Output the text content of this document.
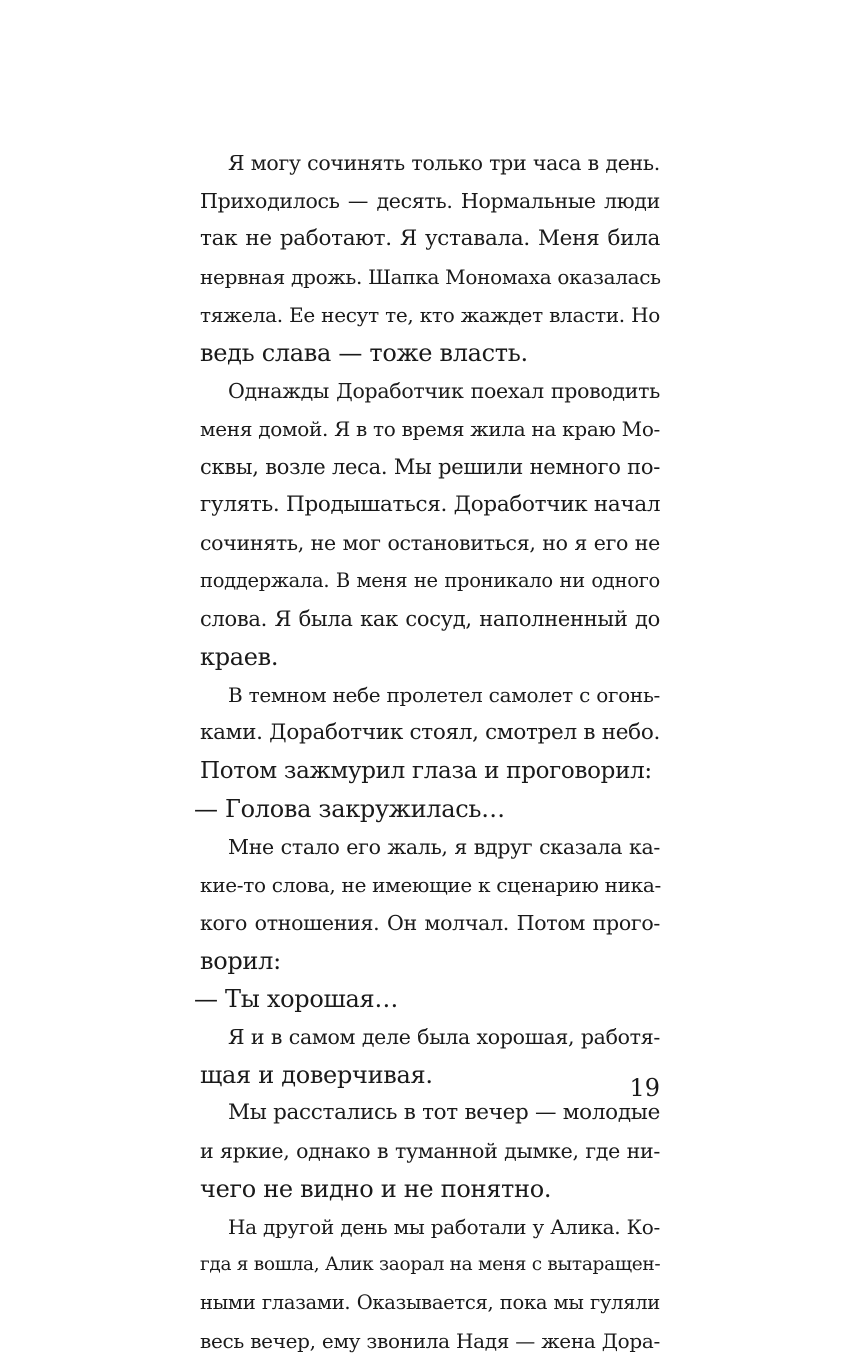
Я могу сочинять только три часа в день.
Приходилось — десять. Нормальные люди
так не работают. Я уставала. Меня била
нервная дрожь. Шапка Мономаха оказалась
тяжела. Ее несут те, кто жаждет власти. Но
ведь слава — тоже власть.
Однажды Доработчик поехал проводить
меня домой. Я в то время жила на краю Мо-
сквы, возле леса. Мы решили немного по-
гулять. Продышаться. Доработчик начал
сочинять, не мог остановиться, но я его не
поддержала. В меня не проникало ни одного
слова. Я была как сосуд, наполненный до
краев.
В темном небе пролетел самолет с огонь-
ками. Доработчик стоял, смотрел в небо.
Потом зажмурил глаза и проговорил:
— Голова закружилась…
Мне стало его жаль, я вдруг сказала ка-
кие-то слова, не имеющие к сценарию ника-
кого отношения. Он молчал. Потом прого-
ворил:
— Ты хорошая…
Я и в самом деле была хорошая, работя-
щая и доверчивая.
Мы расстались в тот вечер — молодые
и яркие, однако в туманной дымке, где ни-
чего не видно и не понятно.
На другой день мы работали у Алика. Ко-
гда я вошла, Алик заорал на меня с вытаращен-
ными глазами. Оказывается, пока мы гуляли
весь вечер, ему звонила Надя — жена Дора-
19
